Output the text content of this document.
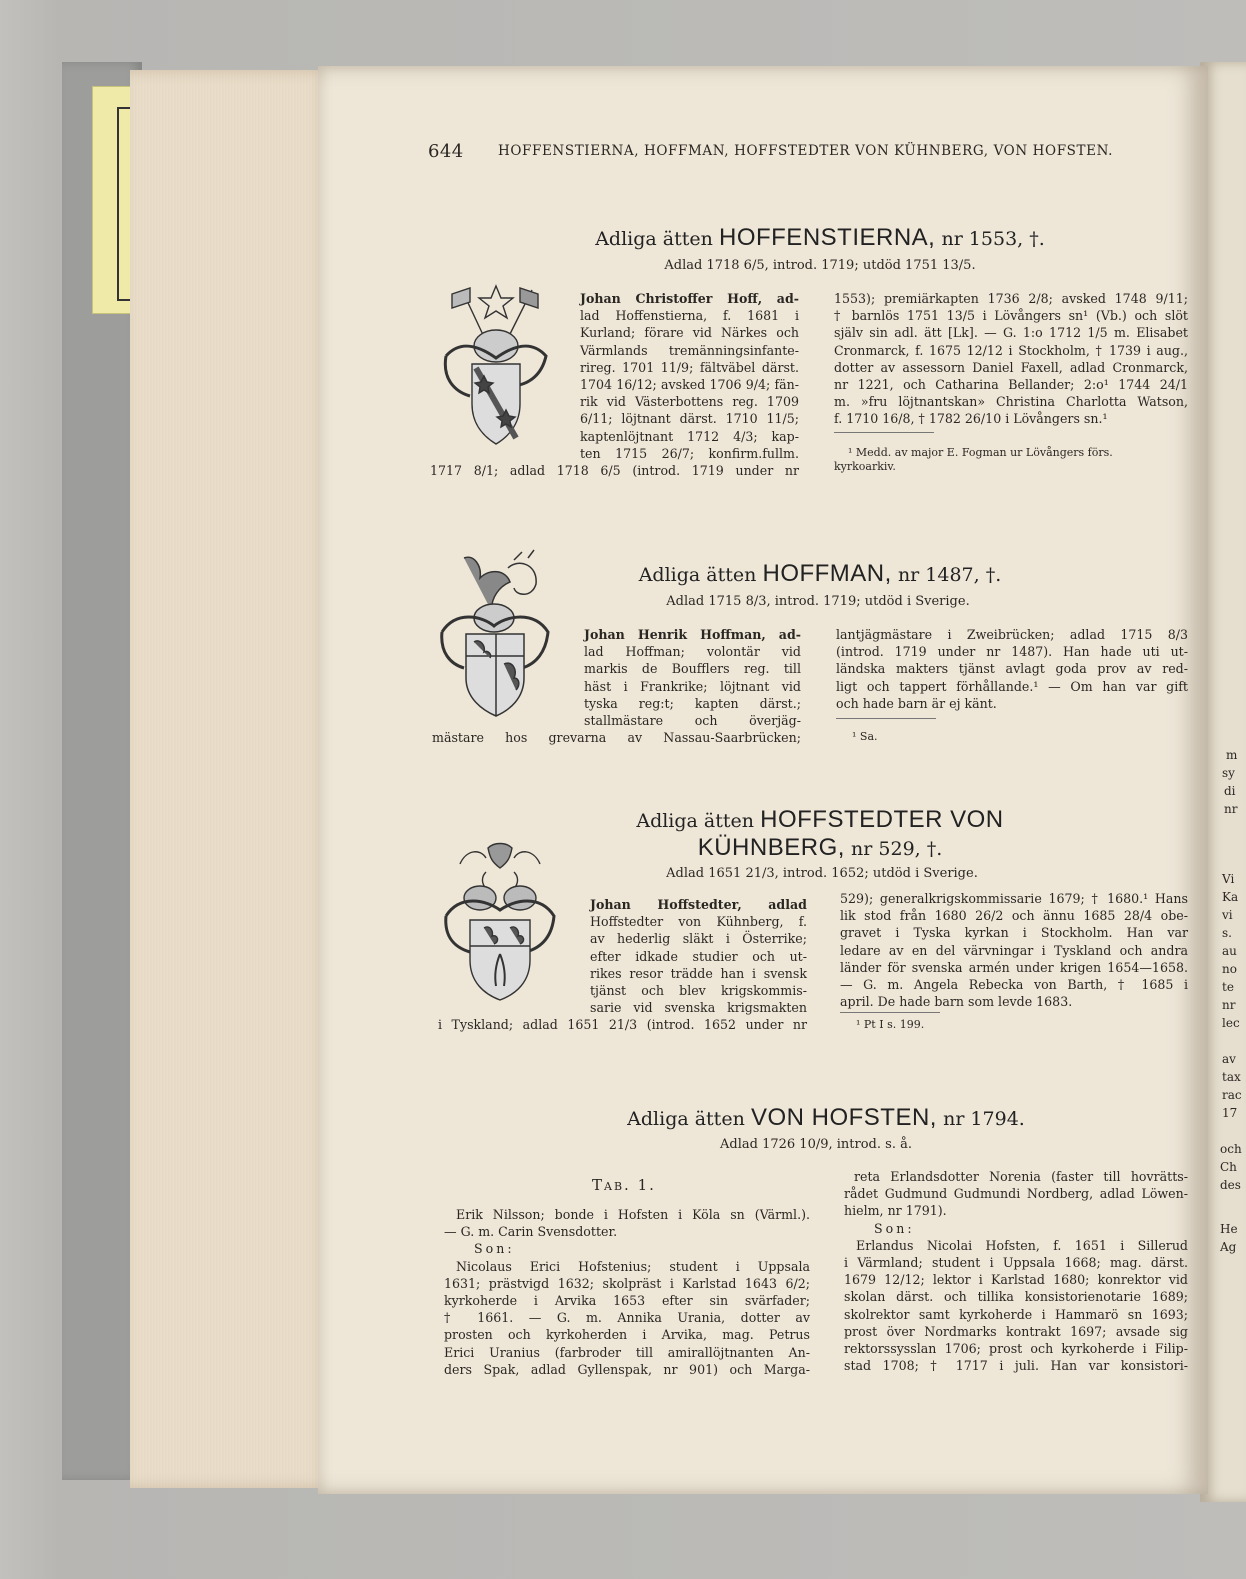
644	HOFFENSTIERNA, HOFFMAN, HOFFSTEDTER VON KÜHNBERG, VON HOFSTEN.
Adliga ätten HOFFENSTIERNA, nr 1553, †.
Adlad 1718 6/5, introd. 1719; utdöd 1751 13/5.
Johan Christoffer Hoff, ad-
lad Hoffenstierna, f. 1681 i
Kurland; förare vid Närkes och
Värmlands tremänningsinfante-
rireg. 1701 11/9; fältväbel därst.
1704 16/12; avsked 1706 9/4; fän-
rik vid Västerbottens reg. 1709
6/11; löjtnant därst. 1710 11/5;
kaptenlöjtnant 1712 4/3; kap-
ten 1715 26/7; konfirm.fullm.
1717 8/1; adlad 1718 6/5 (introd. 1719 under nr
1553); premiärkapten 1736 2/8; avsked 1748 9/11;
† barnlös 1751 13/5 i Lövångers sn¹ (Vb.) och slöt
själv sin adl. ätt [Lk]. — G. 1:o 1712 1/5 m. Elisabet
Cronmarck, f. 1675 12/12 i Stockholm, † 1739 i aug.,
dotter av assessorn Daniel Faxell, adlad Cronmarck,
nr 1221, och Catharina Bellander; 2:o¹ 1744 24/1
m. »fru löjtnantskan» Christina Charlotta Watson,
f. 1710 16/8, † 1782 26/10 i Lövångers sn.¹
¹ Medd. av major E. Fogman ur Lövångers förs.
kyrkoarkiv.
Adliga ätten HOFFMAN, nr 1487, †.
Adlad 1715 8/3, introd. 1719; utdöd i Sverige.
Johan Henrik Hoffman, ad-
lad Hoffman; volontär vid
markis de Boufflers reg. till
häst i Frankrike; löjtnant vid
tyska reg:t; kapten därst.;
stallmästare och överjäg-
mästare hos grevarna av Nassau-Saarbrücken;
lantjägmästare i Zweibrücken; adlad 1715 8/3
(introd. 1719 under nr 1487). Han hade uti ut-
ländska makters tjänst avlagt goda prov av red-
ligt och tappert förhållande.¹ — Om han var gift
och hade barn är ej känt.
¹ Sa.
Adliga ätten HOFFSTEDTER VON
KÜHNBERG, nr 529, †.
Adlad 1651 21/3, introd. 1652; utdöd i Sverige.
Johan Hoffstedter, adlad
Hoffstedter von Kühnberg, f.
av hederlig släkt i Österrike;
efter idkade studier och ut-
rikes resor trädde han i svensk
tjänst och blev krigskommis-
sarie vid svenska krigsmakten
i Tyskland; adlad 1651 21/3 (introd. 1652 under nr
529); generalkrigskommissarie 1679; † 1680.¹ Hans
lik stod från 1680 26/2 och ännu 1685 28/4 obe-
gravet i Tyska kyrkan i Stockholm. Han var
ledare av en del värvningar i Tyskland och andra
länder för svenska armén under krigen 1654—1658.
— G. m. Angela Rebecka von Barth, † 1685 i
april. De hade barn som levde 1683.
¹ Pt I s. 199.
Adliga ätten VON HOFSTEN, nr 1794.
Adlad 1726 10/9, introd. s. å.
Tab. 1.
Erik Nilsson; bonde i Hofsten i Köla sn (Värml.).
— G. m. Carin Svensdotter.
Son:
Nicolaus Erici Hofstenius; student i Uppsala
1631; prästvigd 1632; skolpräst i Karlstad 1643 6/2;
kyrkoherde i Arvika 1653 efter sin svärfader;
† 1661. — G. m. Annika Urania, dotter av
prosten och kyrkoherden i Arvika, mag. Petrus
Erici Uranius (farbroder till amirallöjtnanten An-
ders Spak, adlad Gyllenspak, nr 901) och Marga-
reta Erlandsdotter Norenia (faster till hovrätts-
rådet Gudmund Gudmundi Nordberg, adlad Löwen-
hielm, nr 1791).
Son:
Erlandus Nicolai Hofsten, f. 1651 i Sillerud
i Värmland; student i Uppsala 1668; mag. därst.
1679 12/12; lektor i Karlstad 1680; konrektor vid
skolan därst. och tillika konsistorienotarie 1689;
skolrektor samt kyrkoherde i Hammarö sn 1693;
prost över Nordmarks kontrakt 1697; avsade sig
rektorssysslan 1706; prost och kyrkoherde i Filip-
stad 1708; † 1717 i juli. Han var konsistori-
m
sy
di
nr
Vi
Ka
vi
s.
au
no
te
nr
lec
av
tax
rac
17
och
Ch
des
He
Ag
